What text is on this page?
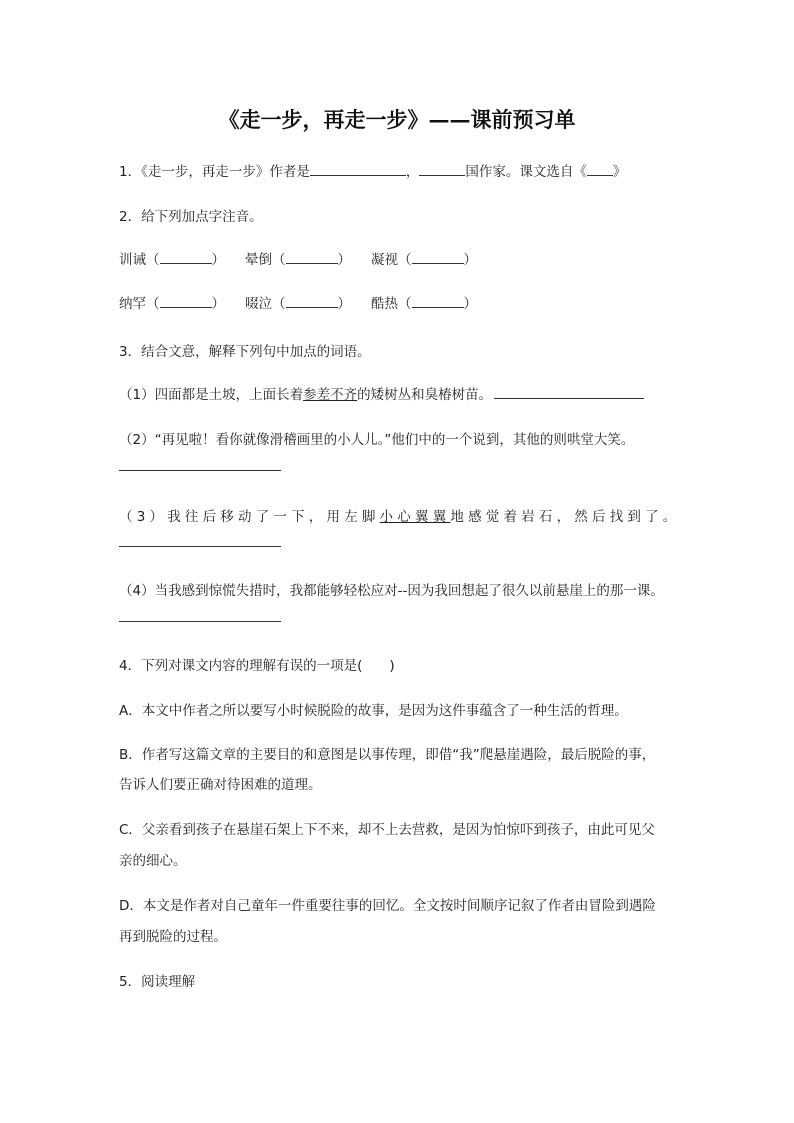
《走一步，再走一步》——课前预习单
1．《走一步，再走一步》作者是	，	国作家。课文选自《 》
2．给下列加点字注音。
训诫（	） 晕倒（	） 凝视（	）
纳罕（	） 啜泣（	） 酷热（	）
3．结合文意，解释下列句中加点的词语。
（1）四面都是土坡，上面长着参差不齐的矮树丛和臭椿树苗。
（2）“再见啦！看你就像滑稽画里的小人儿。”他们中的一个说到，其他的则哄堂大笑。
（3）我往后移动了一下，用左脚小心翼翼地感觉着岩石，然后找到了。
（4）当我感到惊慌失措时，我都能够轻松应对--因为我回想起了很久以前悬崖上的那一课。
4．下列对课文内容的理解有误的一项是(　　)
A．本文中作者之所以要写小时候脱险的故事，是因为这件事蕴含了一种生活的哲理。
B．作者写这篇文章的主要目的和意图是以事传理，即借“我”爬悬崖遇险，最后脱险的事，
告诉人们要正确对待困难的道理。
C．父亲看到孩子在悬崖石架上下不来，却不上去营救，是因为怕惊吓到孩子，由此可见父
亲的细心。
D．本文是作者对自己童年一件重要往事的回忆。全文按时间顺序记叙了作者由冒险到遇险
再到脱险的过程。
5．阅读理解
